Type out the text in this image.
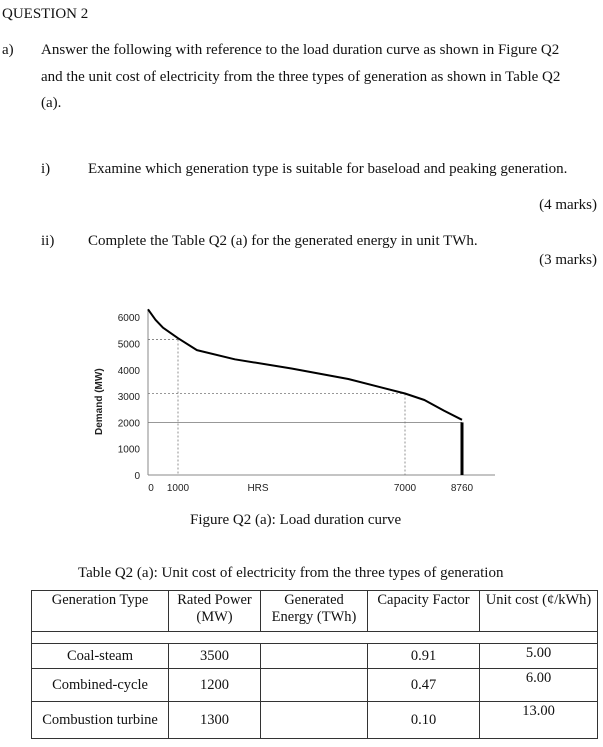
QUESTION 2
a) Answer the following with reference to the load duration curve as shown in Figure Q2
and the unit cost of electricity from the three types of generation as shown in Table Q2
(a).
i)	Examine which generation type is suitable for baseload and peaking generation.
(4 marks)
ii) Complete the Table Q2 (a) for the generated energy in unit TWh.
(3 marks)
Demand (MW)
HRS
0
1000
2000
3000
4000
5000
6000
0 1000	7000	8760
Figure Q2 (a): Load duration curve
Table Q2 (a): Unit cost of electricity from the three types of generation
Generation Type	Rated Power (MW)	Generated Energy (TWh)	Capacity Factor	Unit cost (¢/kWh)

Coal-steam	3500		0.91	5.00
Combined-cycle	1200		0.47	6.00
Combustion turbine	1300		0.10	13.00
